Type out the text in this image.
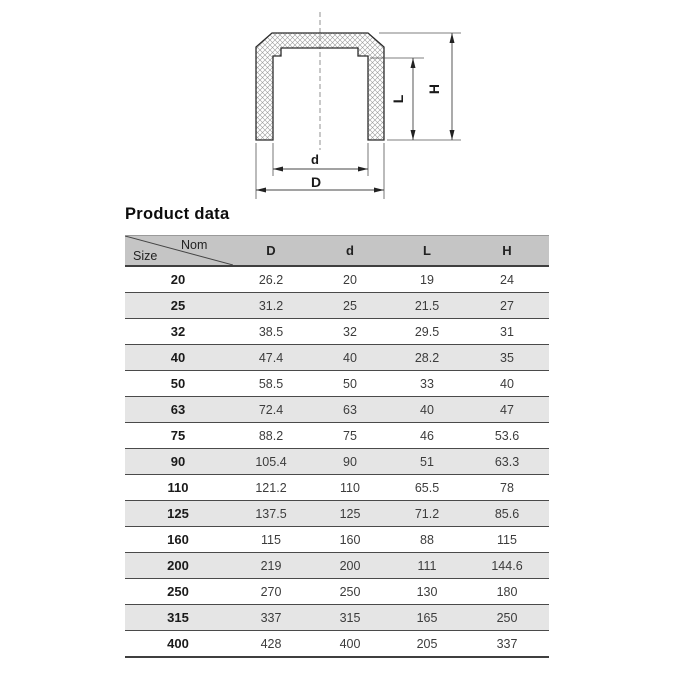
d
D
L
H
Product data
Nom
Size	D	d	L	H
20	26.2	20	19	24
25	31.2	25	21.5	27
32	38.5	32	29.5	31
40	47.4	40	28.2	35
50	58.5	50	33	40
63	72.4	63	40	47
75	88.2	75	46	53.6
90	105.4	90	51	63.3
110	121.2	110	65.5	78
125	137.5	125	71.2	85.6
160	115	160	88	115
200	219	200	111	144.6
250	270	250	130	180
315	337	315	165	250
400	428	400	205	337
